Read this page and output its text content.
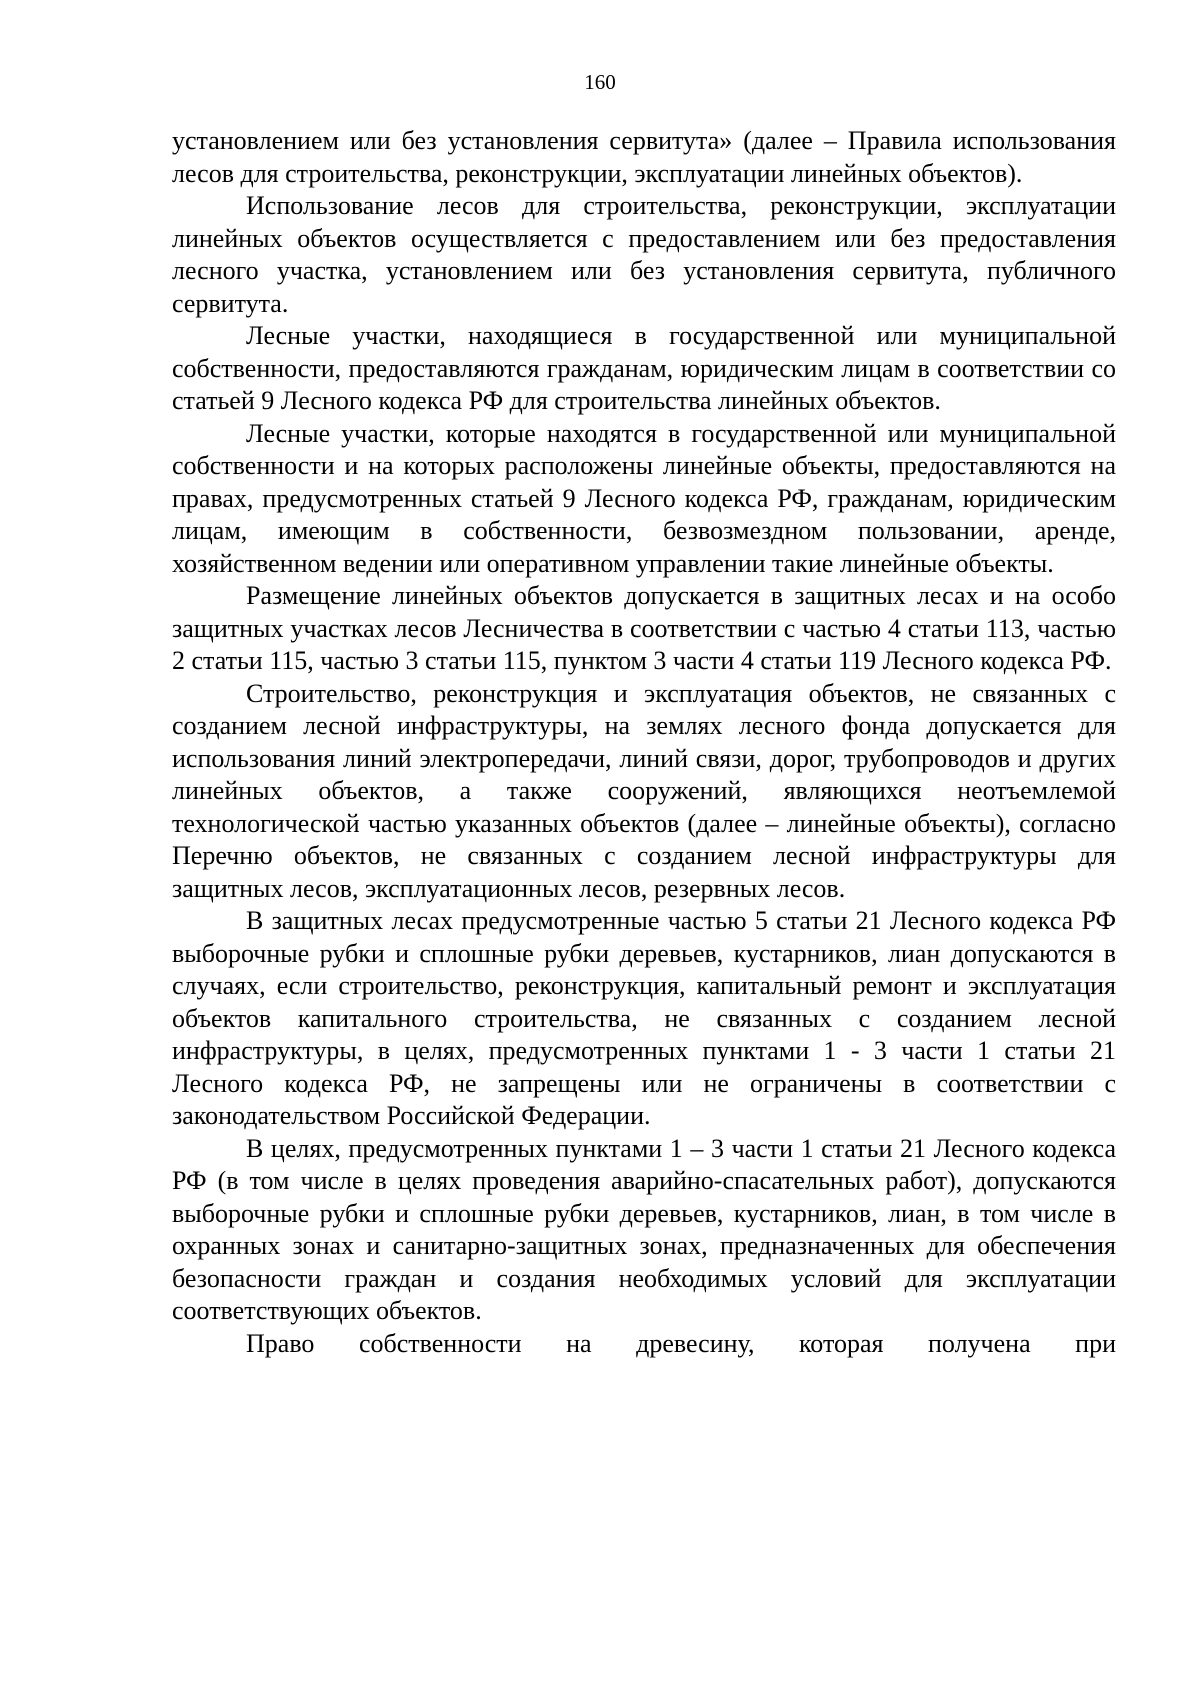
160

установлением или без установления сервитута» (далее – Правила использования лесов для строительства, реконструкции, эксплуатации линейных объектов).

Использование лесов для строительства, реконструкции, эксплуатации линейных объектов осуществляется с предоставлением или без предоставления лесного участка, установлением или без установления сервитута, публичного сервитута.

Лесные участки, находящиеся в государственной или муниципальной собственности, предоставляются гражданам, юридическим лицам в соответствии со статьей 9 Лесного кодекса РФ для строительства линейных объектов.

Лесные участки, которые находятся в государственной или муниципальной собственности и на которых расположены линейные объекты, предоставляются на правах, предусмотренных статьей 9 Лесного кодекса РФ, гражданам, юридическим лицам, имеющим в собственности, безвозмездном пользовании, аренде, хозяйственном ведении или оперативном управлении такие линейные объекты.

Размещение линейных объектов допускается в защитных лесах и на особо защитных участках лесов Лесничества в соответствии с частью 4 статьи 113, частью 2 статьи 115, частью 3 статьи 115, пунктом 3 части 4 статьи 119 Лесного кодекса РФ.

Строительство, реконструкция и эксплуатация объектов, не связанных с созданием лесной инфраструктуры, на землях лесного фонда допускается для использования линий электропередачи, линий связи, дорог, трубопроводов и других линейных объектов, а также сооружений, являющихся неотъемлемой технологической частью указанных объектов (далее – линейные объекты), согласно Перечню объектов, не связанных с созданием лесной инфраструктуры для защитных лесов, эксплуатационных лесов, резервных лесов.

В защитных лесах предусмотренные частью 5 статьи 21 Лесного кодекса РФ выборочные рубки и сплошные рубки деревьев, кустарников, лиан допускаются в случаях, если строительство, реконструкция, капитальный ремонт и эксплуатация объектов капитального строительства, не связанных с созданием лесной инфраструктуры, в целях, предусмотренных пунктами 1 - 3 части 1 статьи 21 Лесного кодекса РФ, не запрещены или не ограничены в соответствии с законодательством Российской Федерации.

В целях, предусмотренных пунктами 1 – 3 части 1 статьи 21 Лесного кодекса РФ (в том числе в целях проведения аварийно-спасательных работ), допускаются выборочные рубки и сплошные рубки деревьев, кустарников, лиан, в том числе в охранных зонах и санитарно-защитных зонах, предназначенных для обеспечения безопасности граждан и создания необходимых условий для эксплуатации соответствующих объектов.

Право собственности на древесину, которая получена при
